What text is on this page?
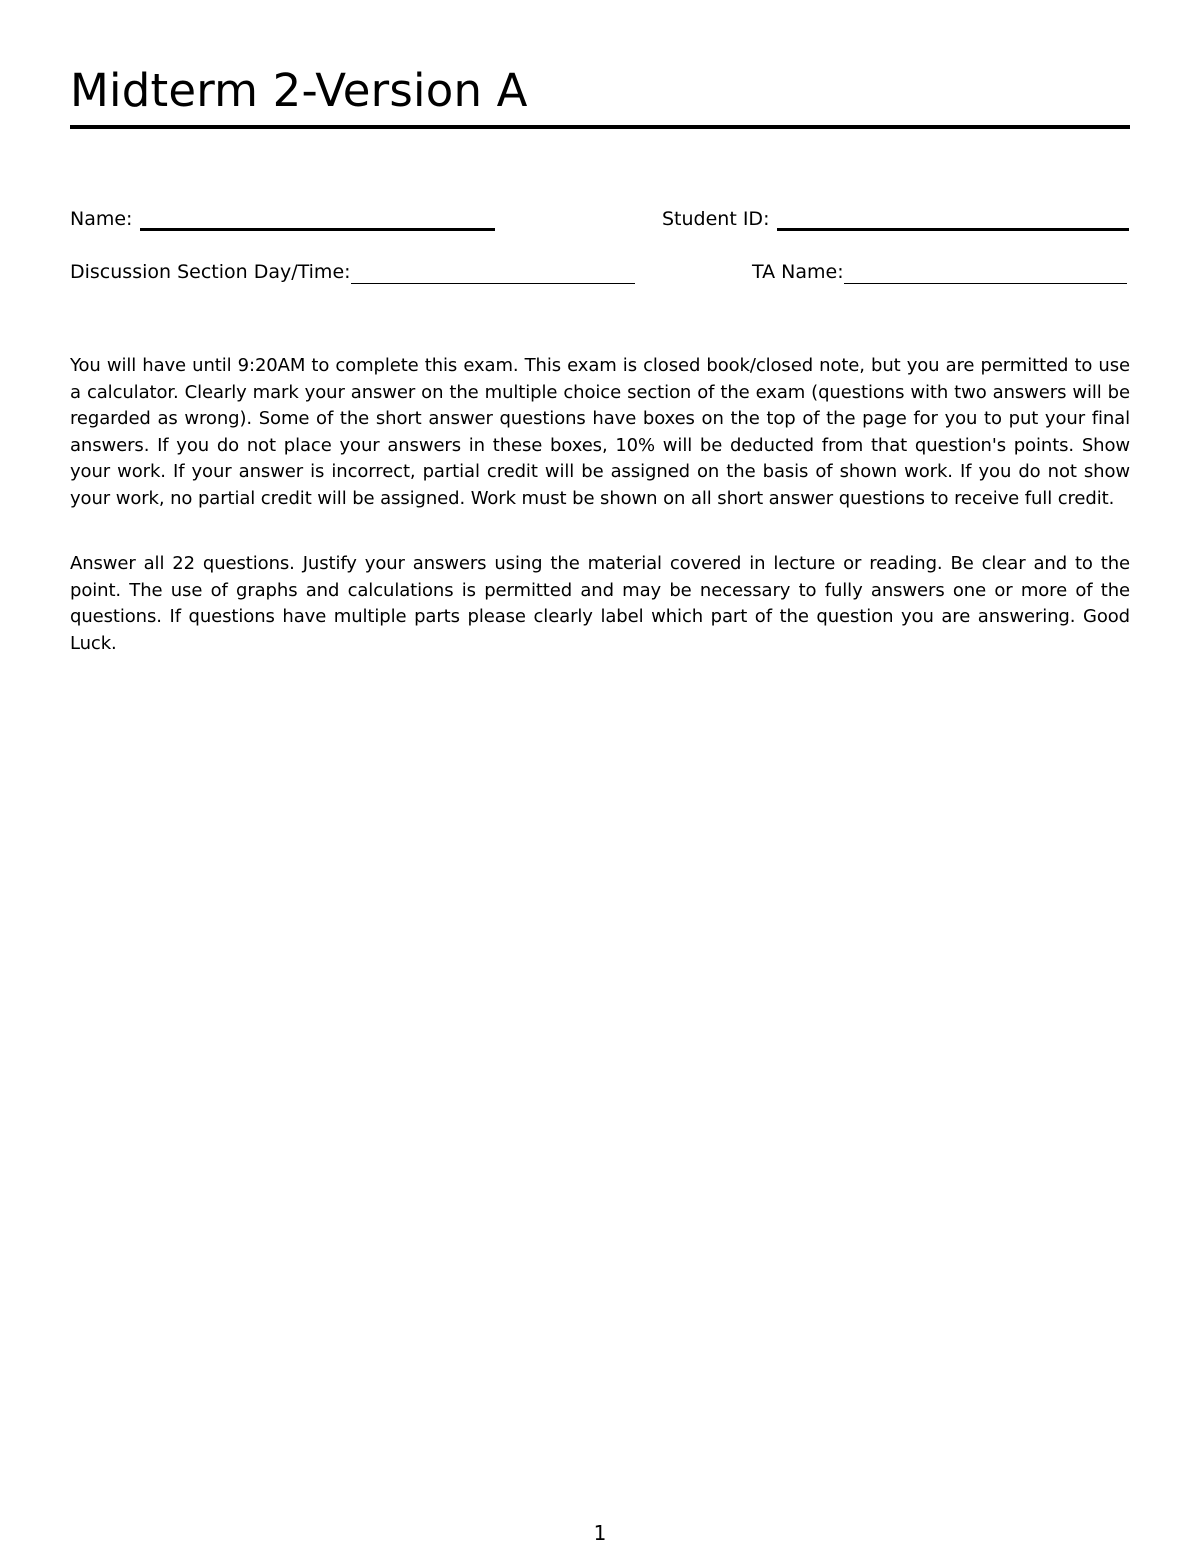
Midterm 2-Version A
Name:	Student ID:
Discussion Section Day/Time:	TA Name:

You will have until 9:20AM to complete this exam. This exam is closed book/closed note, but you are permitted to use a calculator. Clearly mark your answer on the multiple choice section of the exam (questions with two answers will be regarded as wrong). Some of the short answer questions have boxes on the top of the page for you to put your final answers. If you do not place your answers in these boxes, 10% will be deducted from that question's points. Show your work. If your answer is incorrect, partial credit will be assigned on the basis of shown work. If you do not show your work, no partial credit will be assigned. Work must be shown on all short answer questions to receive full credit.

Answer all 22 questions. Justify your answers using the material covered in lecture or reading. Be clear and to the point. The use of graphs and calculations is permitted and may be necessary to fully answers one or more of the questions. If questions have multiple parts please clearly label which part of the question you are answering. Good Luck.

1
